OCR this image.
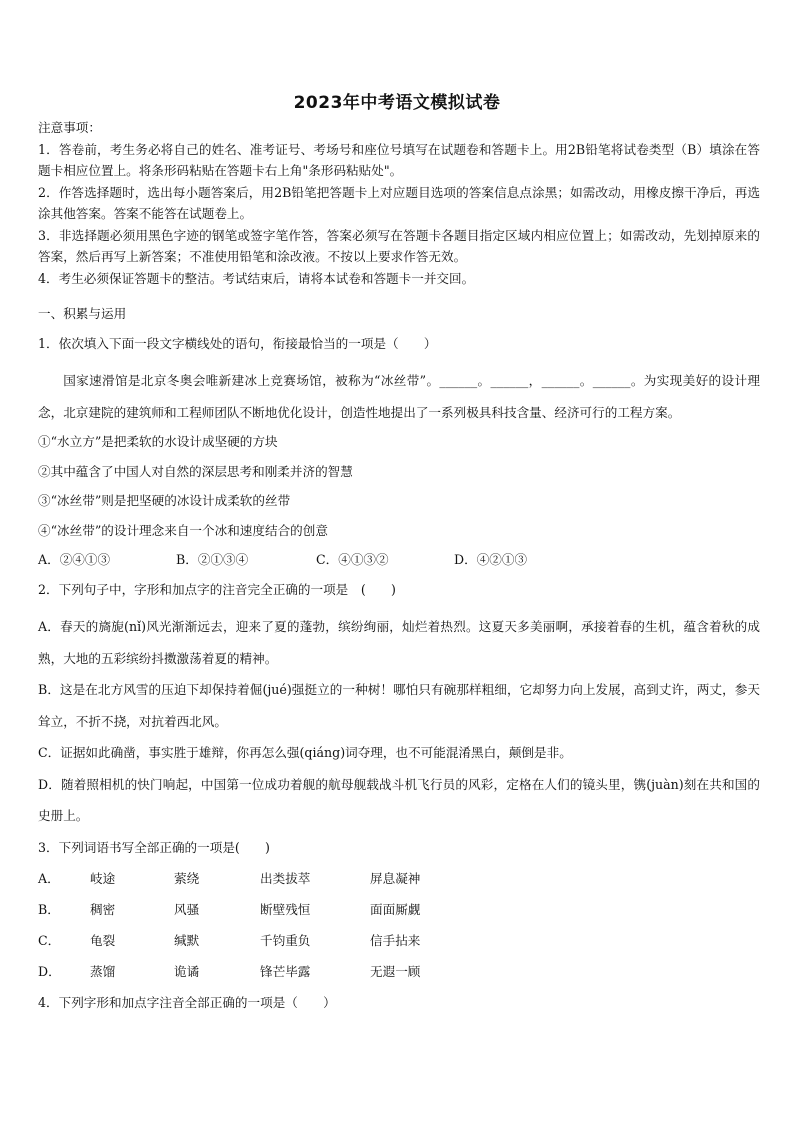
2023年中考语文模拟试卷

注意事项：

1．答卷前，考生务必将自己的姓名、准考证号、考场号和座位号填写在试题卷和答题卡上。用2B铅笔将试卷类型（B）填涂在答题卡相应位置上。将条形码粘贴在答题卡右上角"条形码粘贴处"。

2．作答选择题时，选出每小题答案后，用2B铅笔把答题卡上对应题目选项的答案信息点涂黑；如需改动，用橡皮擦干净后，再选涂其他答案。答案不能答在试题卷上。

3．非选择题必须用黑色字迹的钢笔或签字笔作答，答案必须写在答题卡各题目指定区域内相应位置上；如需改动，先划掉原来的答案，然后再写上新答案；不准使用铅笔和涂改液。不按以上要求作答无效。

4．考生必须保证答题卡的整洁。考试结束后，请将本试卷和答题卡一并交回。

一、积累与运用

1．依次填入下面一段文字横线处的语句，衔接最恰当的一项是（　　）

国家速滑馆是北京冬奥会唯新建冰上竞赛场馆，被称为“冰丝带”。______。______，______。______。为实现美好的设计理念，北京建院的建筑师和工程师团队不断地优化设计，创造性地提出了一系列极具科技含量、经济可行的工程方案。

①“水立方”是把柔软的水设计成坚硬的方块

②其中蕴含了中国人对自然的深层思考和刚柔并济的智慧

③“冰丝带”则是把坚硬的冰设计成柔软的丝带

④“冰丝带”的设计理念来自一个冰和速度结合的创意

A．②④①③	B．②①③④	C．④①③②	D．④②①③

2．下列句子中，字形和加点字的注音完全正确的一项是　(　　)

A．春天的旖旎(nǐ)风光渐渐远去，迎来了夏的蓬勃，缤纷绚丽，灿烂着热烈。这夏天多美丽啊，承接着春的生机，蕴含着秋的成熟，大地的五彩缤纷抖擞激荡着夏的精神。

B．这是在北方风雪的压迫下却保持着倔(jué)强挺立的一种树！哪怕只有碗那样粗细，它却努力向上发展，高到丈许，两丈，参天耸立，不折不挠，对抗着西北风。

C．证据如此确凿，事实胜于雄辩，你再怎么强(qiáng)词夺理，也不可能混淆黑白，颠倒是非。

D．随着照相机的快门响起，中国第一位成功着舰的航母舰载战斗机飞行员的风彩，定格在人们的镜头里，镌(juàn)刻在共和国的史册上。

3．下列词语书写全部正确的一项是(　　)

A．	岐途	萦绕	出类拔萃	屏息凝神
B．	稠密	风骚	断壁残恒	面面厮觑
C．	龟裂	缄默	千钧重负	信手拈来
D．	蒸馏	诡谲	锋芒毕露	无遐一顾

4．下列字形和加点字注音全部正确的一项是（　　）
